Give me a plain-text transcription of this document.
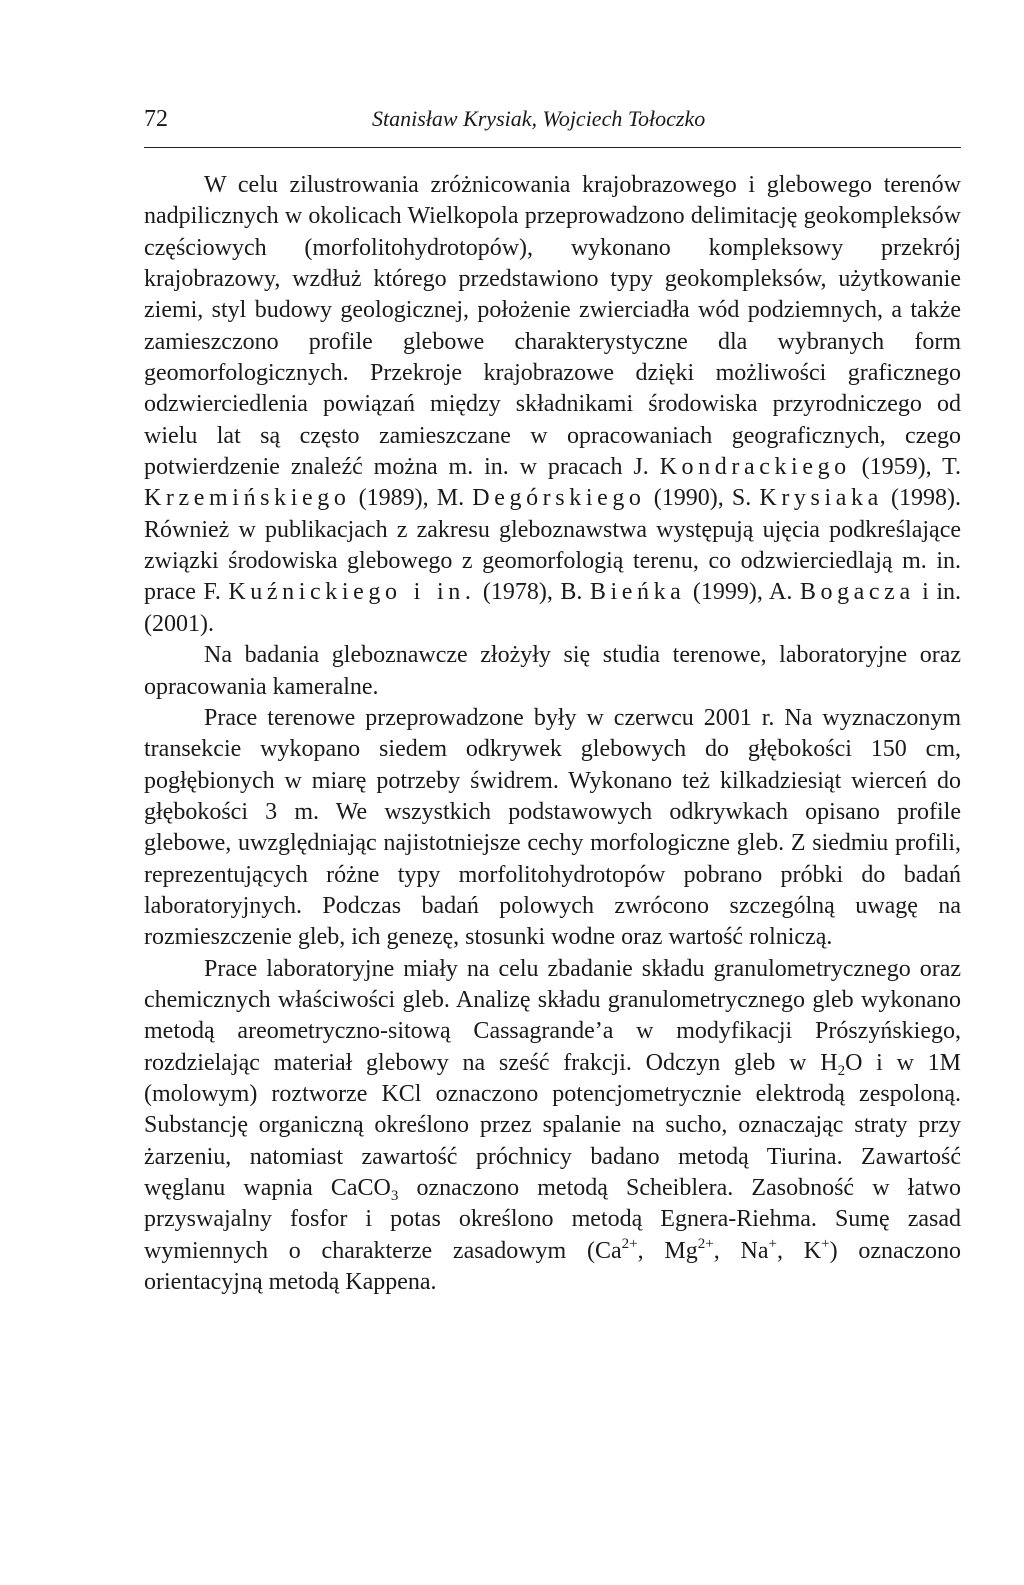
72	Stanisław Krysiak, Wojciech Tołoczko

W celu zilustrowania zróżnicowania krajobrazowego i glebowego terenów nadpilicznych w okolicach Wielkopola przeprowadzono delimitację geokompleksów częściowych (morfolitohydrotopów), wykonano kompleksowy przekrój krajobrazowy, wzdłuż którego przedstawiono typy geokompleksów, użytkowanie ziemi, styl budowy geologicznej, położenie zwierciadła wód podziemnych, a także zamieszczono profile glebowe charakterystyczne dla wybranych form geomorfologicznych. Przekroje krajobrazowe dzięki możliwości graficznego odzwierciedlenia powiązań między składnikami środowiska przyrodniczego od wielu lat są często zamieszczane w opracowaniach geograficznych, czego potwierdzenie znaleźć można m. in. w pracach J. Kondrackiego (1959), T. Krzemińskiego (1989), M. Degórskiego (1990), S. Krysiaka (1998). Również w publikacjach z zakresu gleboznawstwa występują ujęcia podkreślające związki środowiska glebowego z geomorfologią terenu, co odzwierciedlają m. in. prace F. Kuźnickiego i in. (1978), B. Bieńka (1999), A. Bogacza i in. (2001).

Na badania gleboznawcze złożyły się studia terenowe, laboratoryjne oraz opracowania kameralne.

Prace terenowe przeprowadzone były w czerwcu 2001 r. Na wyznaczonym transekcie wykopano siedem odkrywek glebowych do głębokości 150 cm, pogłębionych w miarę potrzeby świdrem. Wykonano też kilkadziesiąt wierceń do głębokości 3 m. We wszystkich podstawowych odkrywkach opisano profile glebowe, uwzględniając najistotniejsze cechy morfologiczne gleb. Z siedmiu profili, reprezentujących różne typy morfolitohydrotopów pobrano próbki do badań laboratoryjnych. Podczas badań polowych zwrócono szczególną uwagę na rozmieszczenie gleb, ich genezę, stosunki wodne oraz wartość rolniczą.

Prace laboratoryjne miały na celu zbadanie składu granulometrycznego oraz chemicznych właściwości gleb. Analizę składu granulometrycznego gleb wykonano metodą areometryczno-sitową Cassagrande’a w modyfikacji Prószyńskiego, rozdzielając materiał glebowy na sześć frakcji. Odczyn gleb w $H_2O$ i w 1M (molowym) roztworze KCl oznaczono potencjometrycznie elektrodą zespoloną. Substancję organiczną określono przez spalanie na sucho, oznaczając straty przy żarzeniu, natomiast zawartość próchnicy badano metodą Tiurina. Zawartość węglanu wapnia CaCO$_3$ oznaczono metodą Scheiblera. Zasobność w łatwo przyswajalny fosfor i potas określono metodą Egnera-Riehma. Sumę zasad wymiennych o charakterze zasadowym ($Ca^{2+}$, $Mg^{2+}$, Na+, K+) oznaczono orientacyjną metodą Kappena.
